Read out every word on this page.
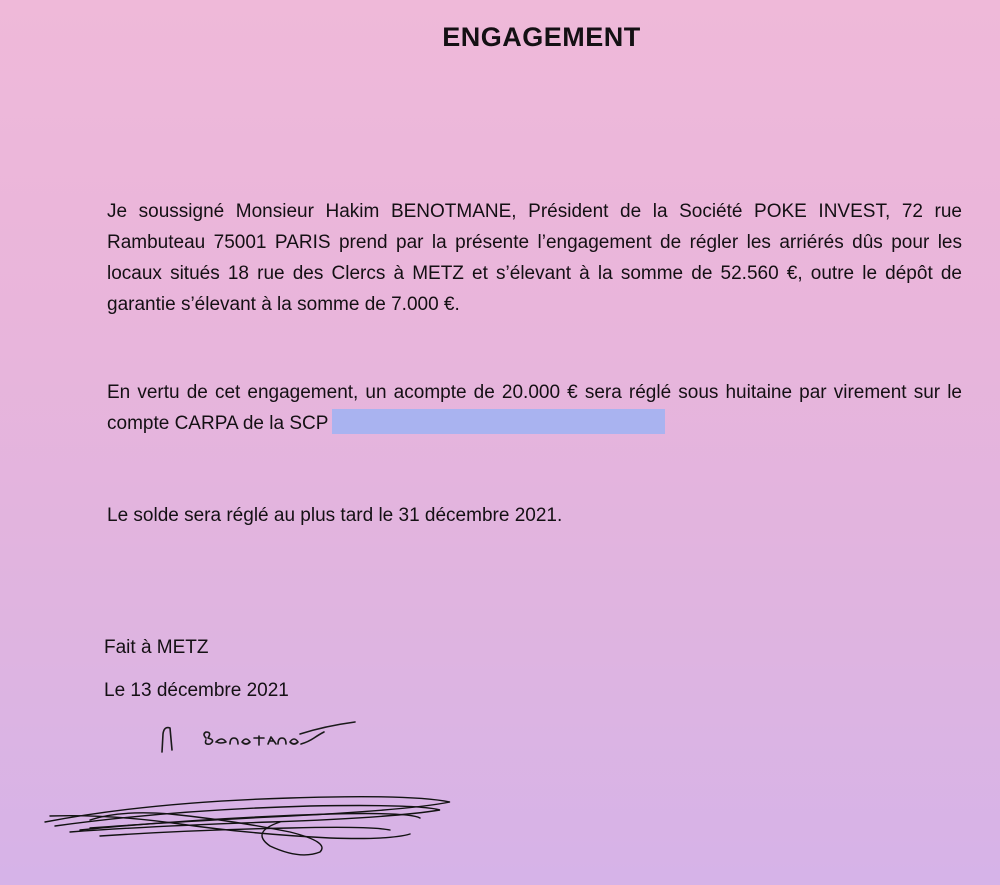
ENGAGEMENT
Je soussigné Monsieur Hakim BENOTMANE, Président de la Société POKE INVEST, 72 rue Rambuteau 75001 PARIS prend par la présente l’engagement de régler les arriérés dûs pour les locaux situés 18 rue des Clercs à METZ et s’élevant à la somme de 52.560 €, outre le dépôt de garantie s’élevant à la somme de 7.000 €.
En vertu de cet engagement, un acompte de 20.000 € sera réglé sous huitaine par virement sur le compte CARPA de la SCP
Le solde sera réglé au plus tard le 31 décembre 2021.
Fait à METZ
Le 13 décembre 2021
